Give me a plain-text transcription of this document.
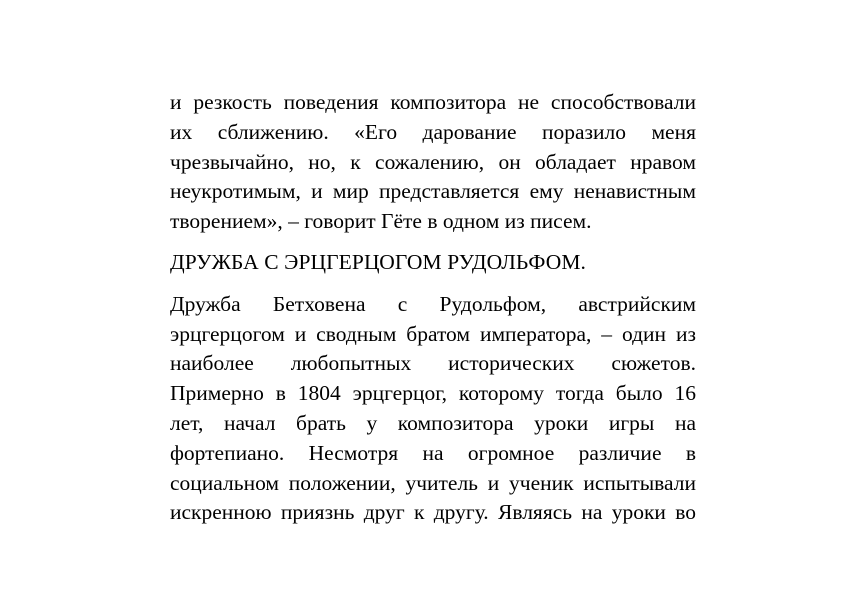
и резкость поведения композитора не способствовали
их сближению. «Его дарование поразило меня
чрезвычайно, но, к сожалению, он обладает нравом
неукротимым, и мир представляется ему ненавистным
творением», – говорит Гёте в одном из писем.
ДРУЖБА С ЭРЦГЕРЦОГОМ РУДОЛЬФОМ.
Дружба Бетховена с Рудольфом, австрийским
эрцгерцогом и сводным братом императора, – один из
наиболее любопытных исторических сюжетов.
Примерно в 1804 эрцгерцог, которому тогда было 16
лет, начал брать у композитора уроки игры на
фортепиано. Несмотря на огромное различие в
социальном положении, учитель и ученик испытывали
искренною приязнь друг к другу. Являясь на уроки во
